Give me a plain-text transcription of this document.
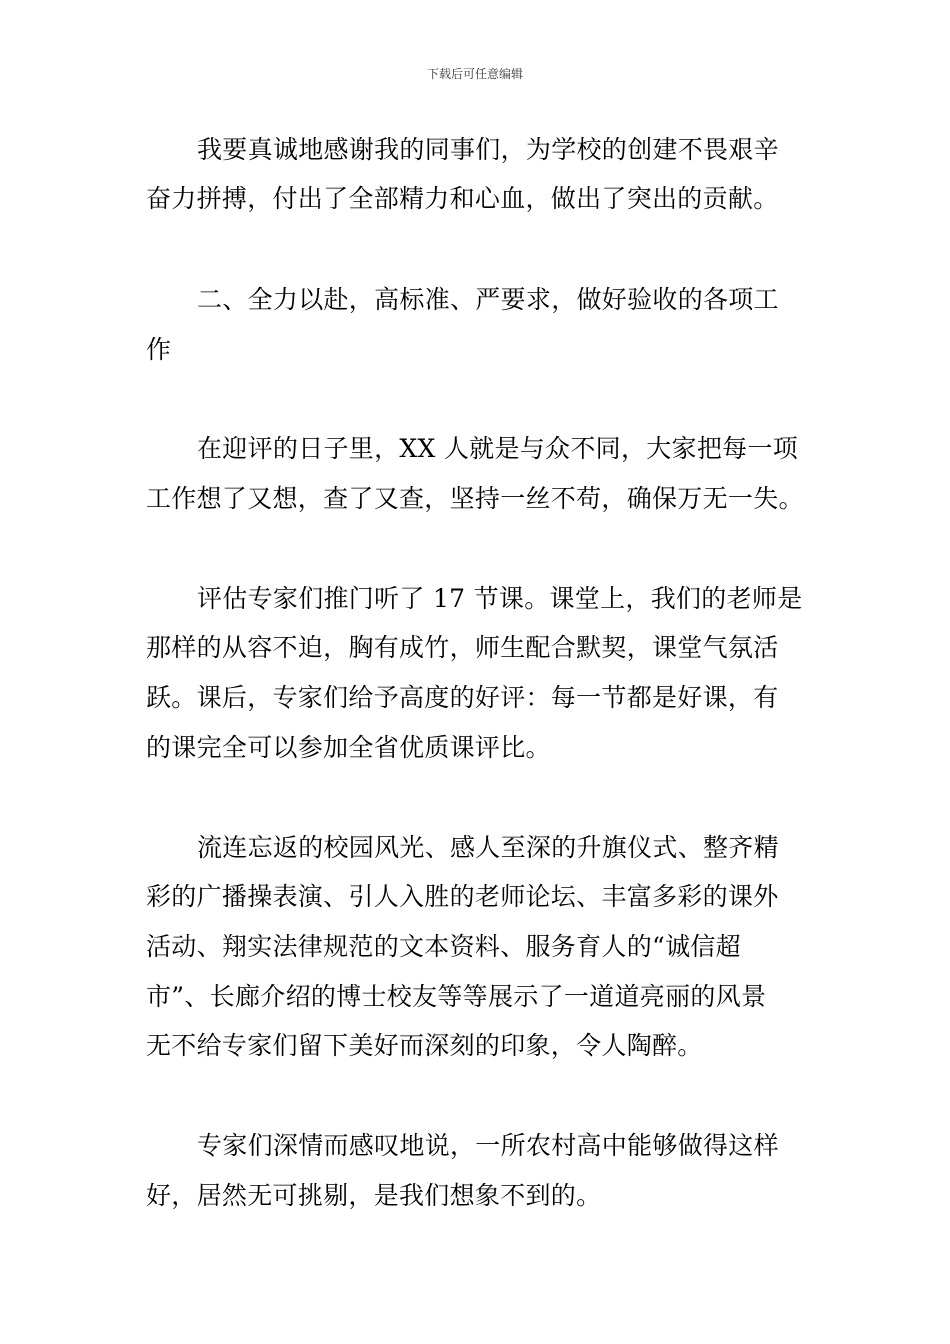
下载后可任意编辑
我要真诚地感谢我的同事们，为学校的创建不畏艰辛
奋力拼搏，付出了全部精力和心血，做出了突出的贡献。
二、全力以赴，高标准、严要求，做好验收的各项工
作
在迎评的日子里，XX 人就是与众不同，大家把每一项
工作想了又想，查了又查，坚持一丝不苟，确保万无一失。
评估专家们推门听了 17 节课。课堂上，我们的老师是
那样的从容不迫，胸有成竹，师生配合默契，课堂气氛活
跃。课后，专家们给予高度的好评：每一节都是好课，有
的课完全可以参加全省优质课评比。
流连忘返的校园风光、感人至深的升旗仪式、整齐精
彩的广播操表演、引人入胜的老师论坛、丰富多彩的课外
活动、翔实法律规范的文本资料、服务育人的“诚信超
市”、长廊介绍的博士校友等等展示了一道道亮丽的风景
无不给专家们留下美好而深刻的印象，令人陶醉。
专家们深情而感叹地说，一所农村高中能够做得这样
好，居然无可挑剔，是我们想象不到的。
